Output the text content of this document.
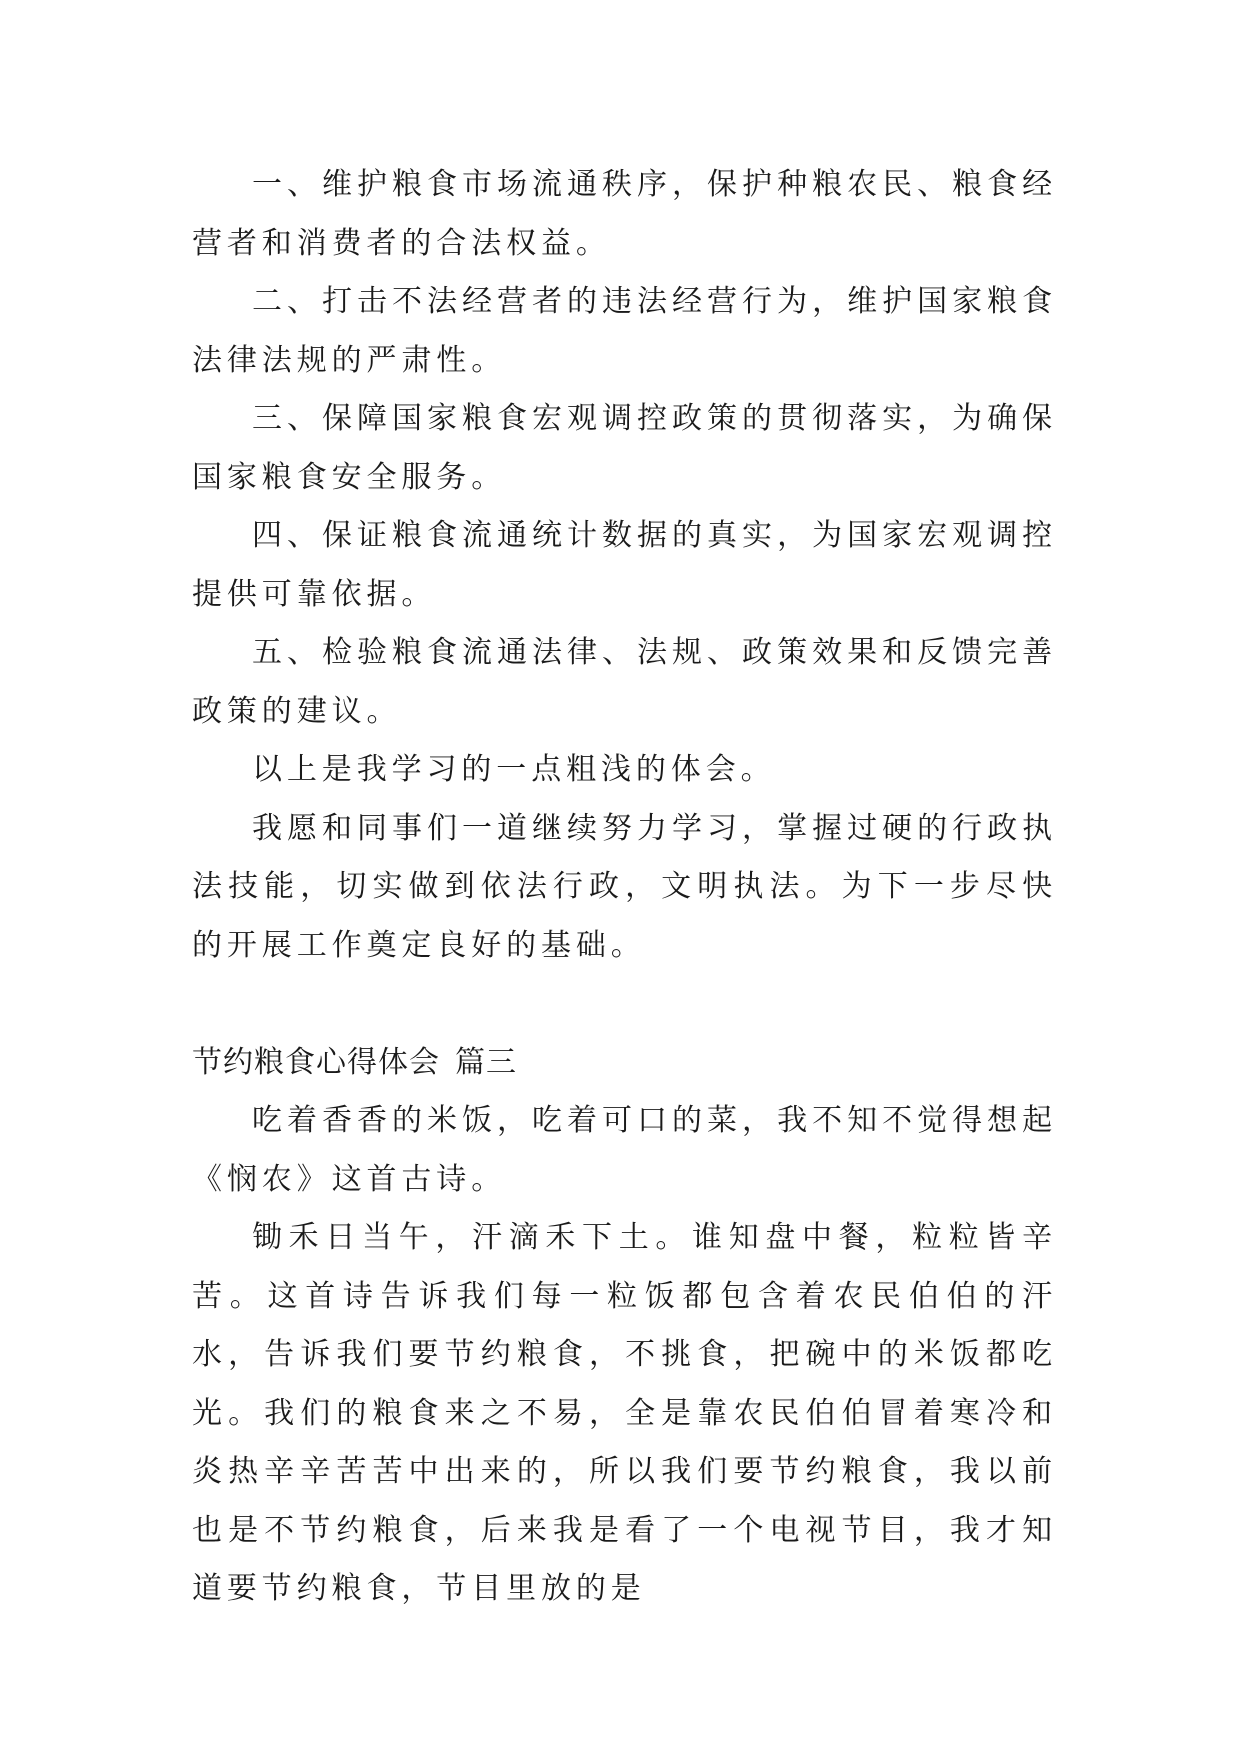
一、维护粮食市场流通秩序，保护种粮农民、粮食经营者和消费者的合法权益。

二、打击不法经营者的违法经营行为，维护国家粮食法律法规的严肃性。

三、保障国家粮食宏观调控政策的贯彻落实，为确保国家粮食安全服务。

四、保证粮食流通统计数据的真实，为国家宏观调控提供可靠依据。

五、检验粮食流通法律、法规、政策效果和反馈完善政策的建议。

以上是我学习的一点粗浅的体会。

我愿和同事们一道继续努力学习，掌握过硬的行政执法技能，切实做到依法行政，文明执法。为下一步尽快的开展工作奠定良好的基础。

节约粮食心得体会 篇三

吃着香香的米饭，吃着可口的菜，我不知不觉得想起《悯农》这首古诗。

锄禾日当午，汗滴禾下土。谁知盘中餐，粒粒皆辛苦。这首诗告诉我们每一粒饭都包含着农民伯伯的汗水，告诉我们要节约粮食，不挑食，把碗中的米饭都吃光。我们的粮食来之不易，全是靠农民伯伯冒着寒冷和炎热辛辛苦苦中出来的，所以我们要节约粮食，我以前也是不节约粮食，后来我是看了一个电视节目，我才知道要节约粮食，节目里放的是
